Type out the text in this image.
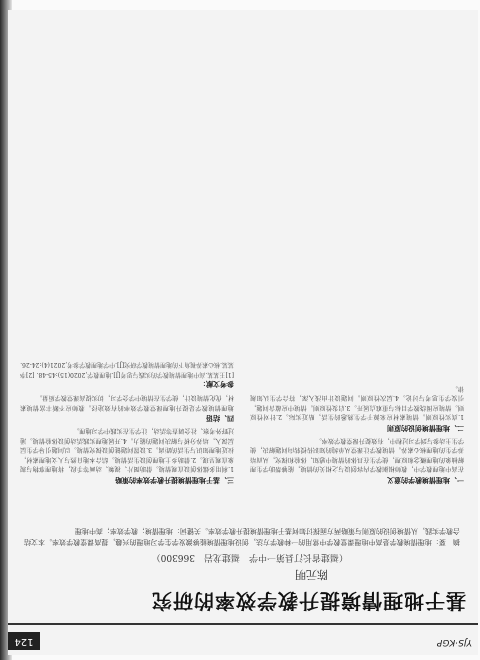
YJS·KGP
124
基于地理情境提升教学效率的研究
陈元明
（福建省长汀县第一中学　福建龙岩　366300）
摘　要：地理情境教学是高中地理课堂教学中常用的一种教学方法，创设地理情境能够激发学生学习地理的兴趣，提高课堂教学效率。本文结合教学实践，从情境创设的原则与策略两方面探讨如何基于地理情境提升教学效率。关键词：地理情境；教学效率；高中地理
一、地理情境教学的意义
在高中地理教学中，教师根据教学内容创设与之相关的情境，能够帮助学生理解抽象的地理概念和原理，使学生在具体的情境中感知、体验和探究，从而培养学生的地理核心素养。情境教学让课堂从单纯的知识传授转向问题解决，使学生主动参与到学习过程中，有效提升课堂教学效率。
二、地理情境创设的原则
1.真实性原则。情境素材应来源于学生熟悉的生活，贴近实际。2.针对性原则。情境应围绕教学目标与重难点展开。3.启发性原则。情境中应蕴含问题，引发学生思考与讨论。4.层次性原则。问题设计由浅入深，符合学生认知规律。
三、基于地理情境提升教学效率的策略
1.利用多媒体创设直观情境。借助图片、视频、动画等手段，将地理事物与现象直观呈现。2.借助乡土地理创设生活情境。结合本地自然与人文地理素材，拉近地理知识与生活的距离。3.设置问题链创设探究情境。以问题引导学生层层深入，培养分析与解决问题的能力。4.开展地理实践活动创设体验情境。通过野外考察、社会调查等活动，让学生在实践中学习地理。
四、结语
地理情境教学是提升地理课堂教学效率的有效途径。教师应不断丰富情境素材，优化情境设计，使学生在情境中学会学习，切实提高课堂教学质量。
参考文献：
[1]王某某.高中地理情境教学的实践与思考[J].地理教学,2020(15):45-48. [2]李某某.核心素养视角下的地理情境教学研究[J].中学地理教学参考,2021(4):24-26.
